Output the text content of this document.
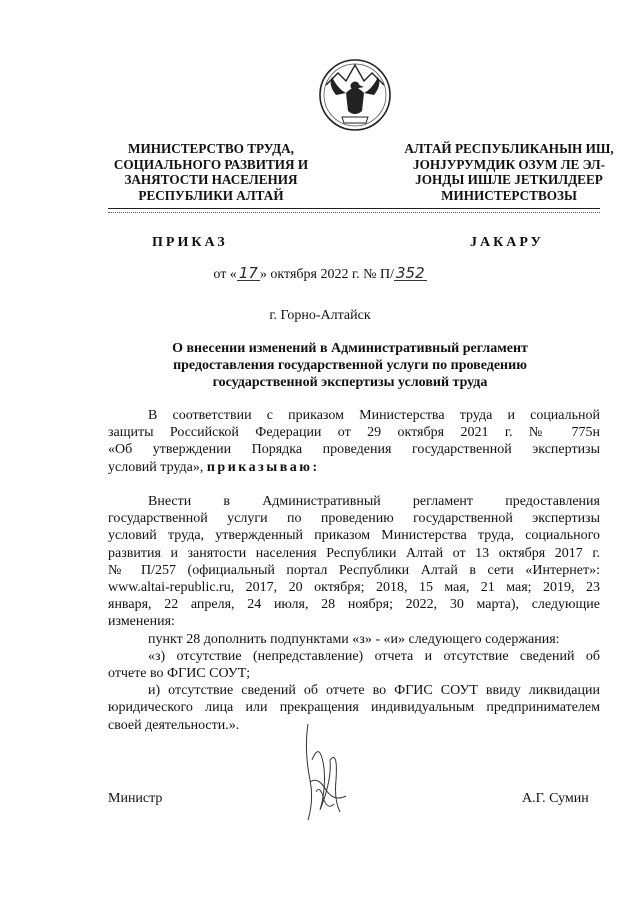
МИНИСТЕРСТВО ТРУДА,
СОЦИАЛЬНОГО РАЗВИТИЯ И
ЗАНЯТОСТИ НАСЕЛЕНИЯ
РЕСПУБЛИКИ АЛТАЙ
АЛТАЙ РЕСПУБЛИКАНЫН ИШ,
ЈОНЈУРУМДИК ОЗУМ ЛЕ ЭЛ-
ЈОНДЫ ИШЛЕ ЈЕТКИЛДЕЕР
МИНИСТЕРСТВОЗЫ
ПРИКАЗ	ЈАКАРУ
от « 17 » октября 2022 г. № П/ 352
г. Горно-Алтайск
О внесении изменений в Административный регламент
предоставления государственной услуги по проведению
государственной экспертизы условий труда
В соответствии с приказом Министерства труда и социальной
защиты Российской Федерации от 29 октября 2021 г. № 775н
«Об утверждении Порядка проведения государственной экспертизы
условий труда», приказываю:
Внести в Административный регламент предоставления
государственной услуги по проведению государственной экспертизы
условий труда, утвержденный приказом Министерства труда, социального
развития и занятости населения Республики Алтай от 13 октября 2017 г.
№ П/257 (официальный портал Республики Алтай в сети «Интернет»:
www.altai-republic.ru, 2017, 20 октября; 2018, 15 мая, 21 мая; 2019, 23
января, 22 апреля, 24 июля, 28 ноября; 2022, 30 марта), следующие
изменения:
пункт 28 дополнить подпунктами «з» - «и» следующего содержания:
«з) отсутствие (непредставление) отчета и отсутствие сведений об
отчете во ФГИС СОУТ;
и) отсутствие сведений об отчете во ФГИС СОУТ ввиду ликвидации
юридического лица или прекращения индивидуальным предпринимателем
своей деятельности.».
Министр	А.Г. Сумин
